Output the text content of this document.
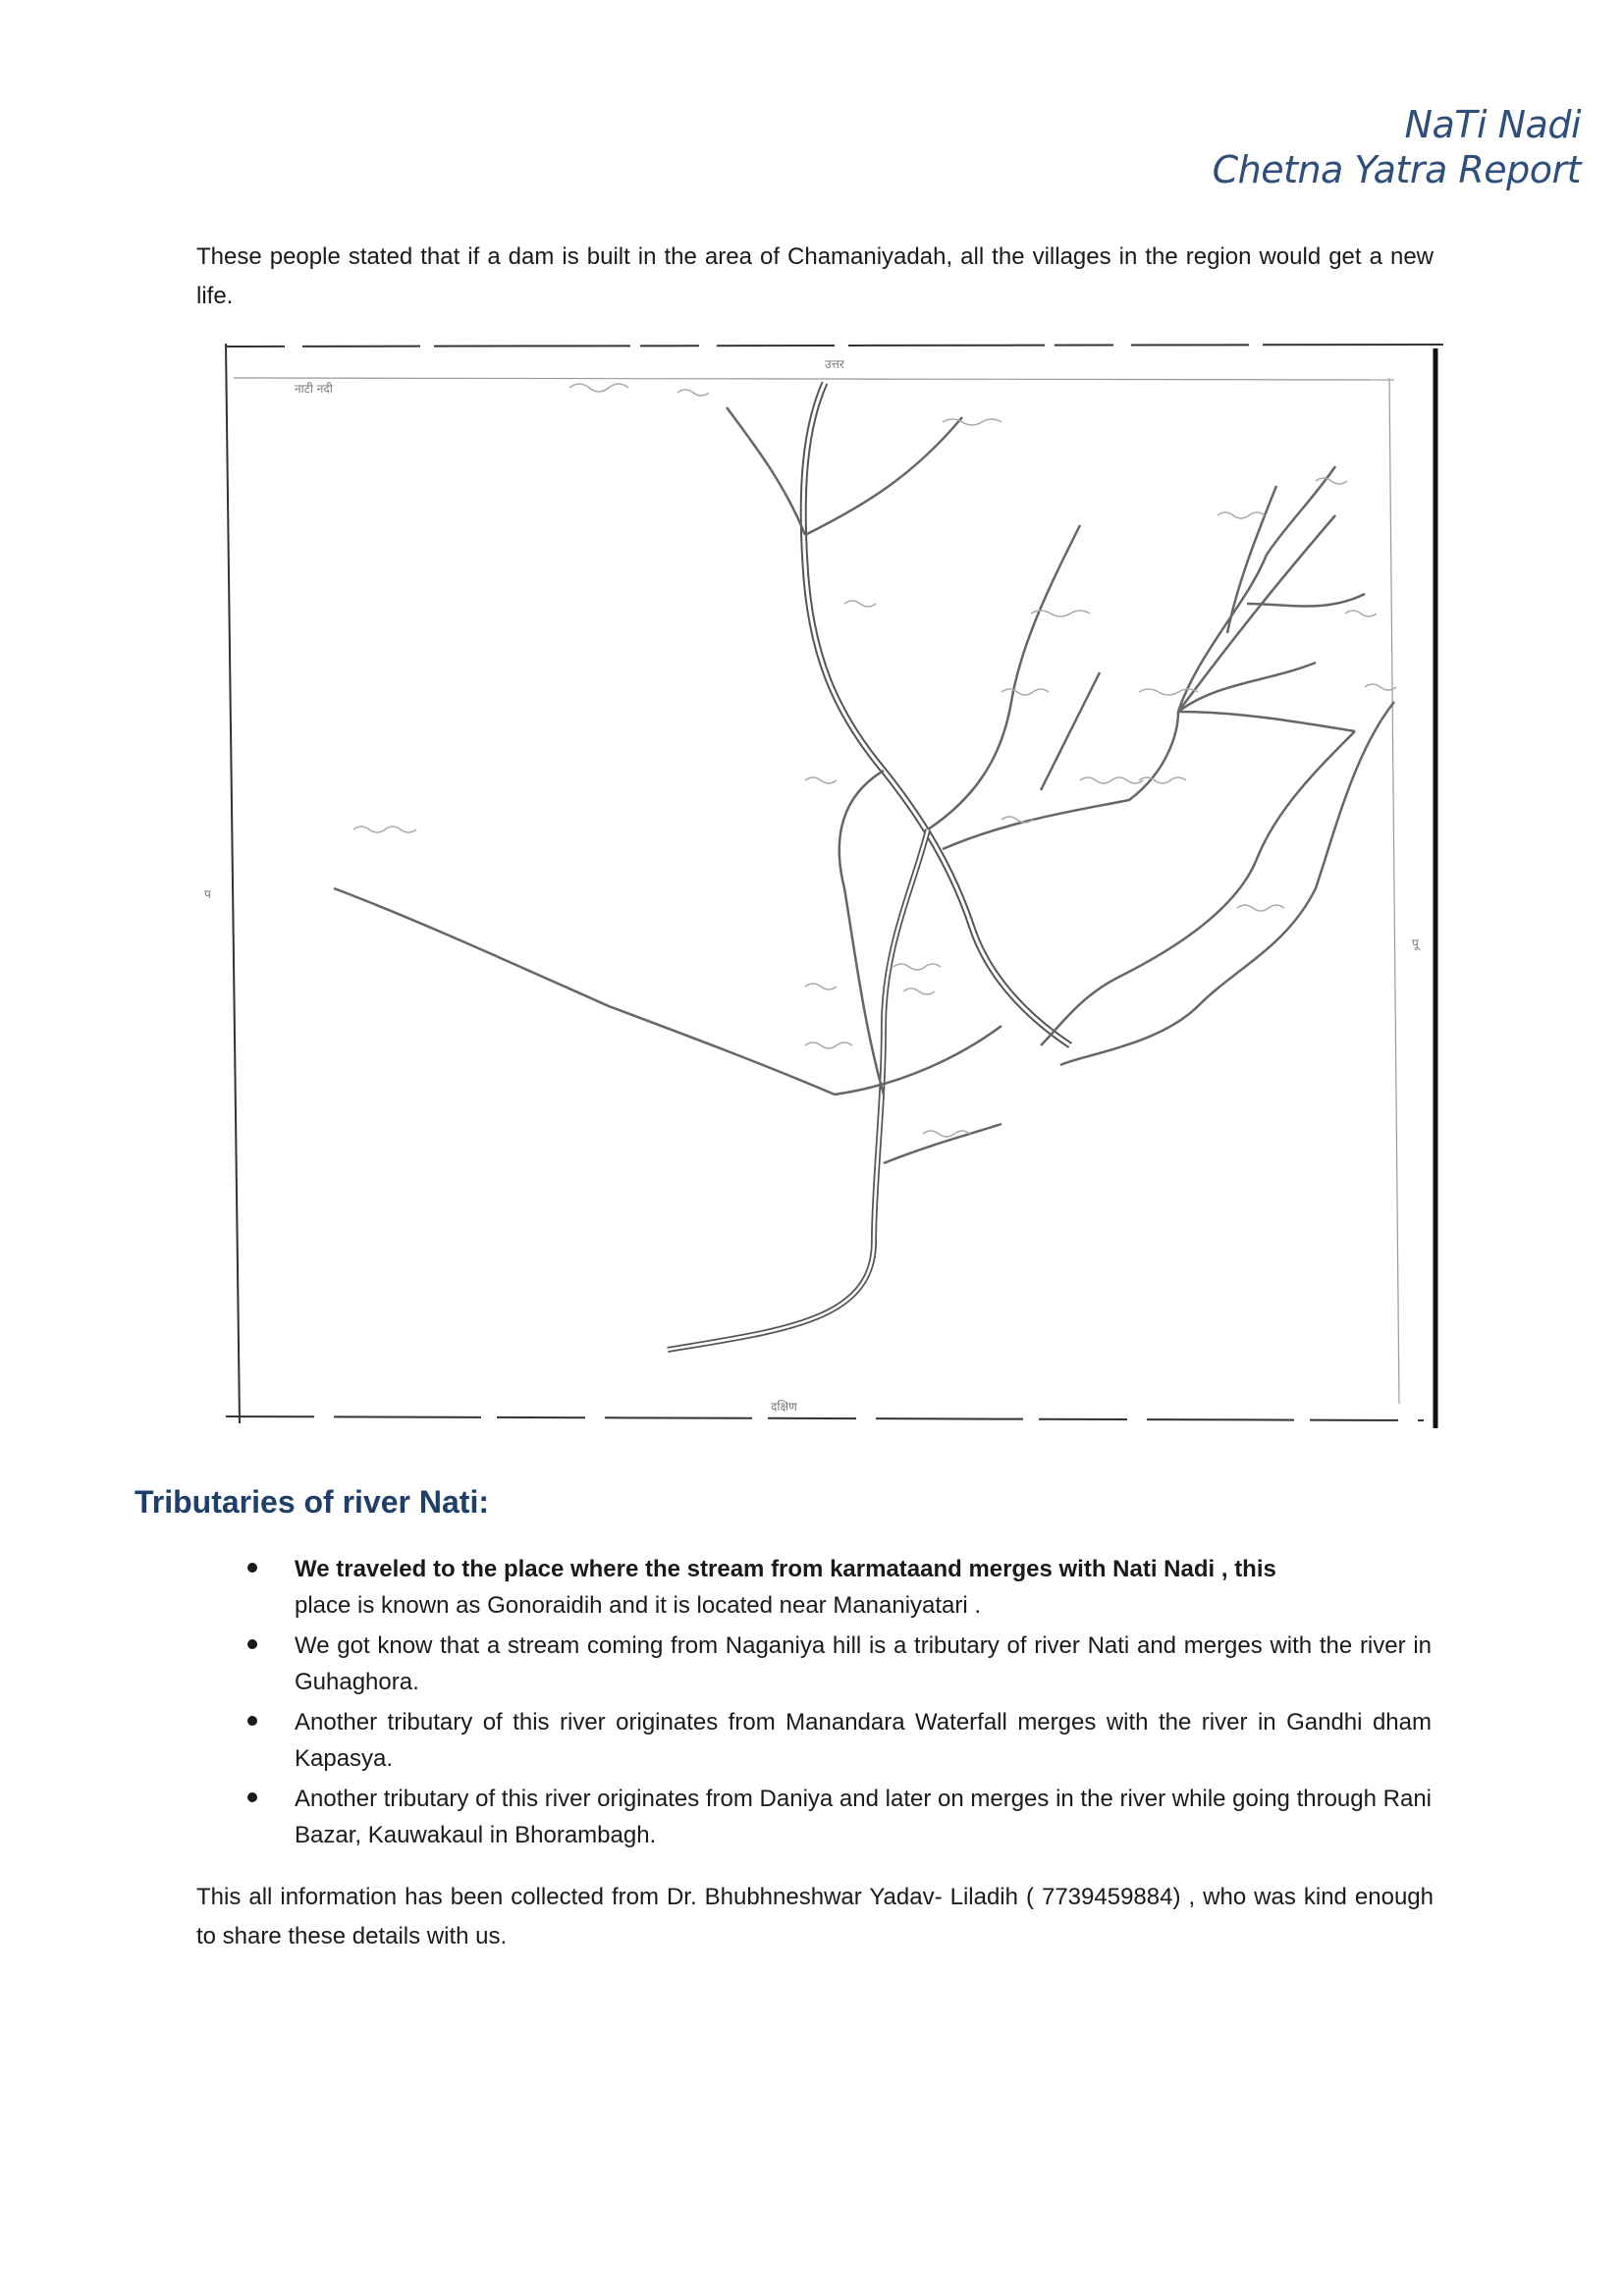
NaTi Nadi
Chetna Yatra Report

These people stated that if a dam is built in the area of Chamaniyadah, all the villages in the region would get a new life.

नाटी नदी
उत्तर
दक्षिण
प
पू
Tributaries of river Nati:
We traveled to the place where the stream from karmataand merges with Nati Nadi , this
place is known as Gonoraidih and it is located near Mananiyatari .
We got know that a stream coming from Naganiya hill is a tributary of river Nati and merges with the river in Guhaghora.
Another tributary of this river originates from Manandara Waterfall merges with the river in Gandhi dham Kapasya.
Another tributary of this river originates from Daniya and later on merges in the river while going through Rani Bazar, Kauwakaul in Bhorambagh.

This all information has been collected from Dr. Bhubhneshwar Yadav- Liladih ( 7739459884) , who was kind enough to share these details with us.
